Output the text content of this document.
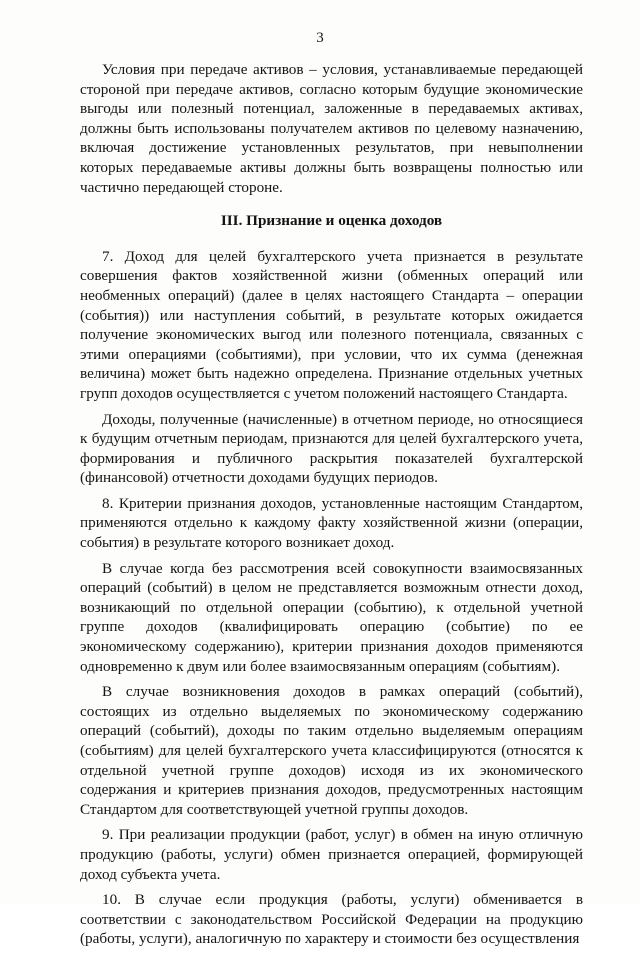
3

Условия при передаче активов – условия, устанавливаемые передающей стороной при передаче активов, согласно которым будущие экономические выгоды или полезный потенциал, заложенные в передаваемых активах, должны быть использованы получателем активов по целевому назначению, включая достижение установленных результатов, при невыполнении которых передаваемые активы должны быть возвращены полностью или частично передающей стороне.

III. Признание и оценка доходов

7. Доход для целей бухгалтерского учета признается в результате совершения фактов хозяйственной жизни (обменных операций или необменных операций) (далее в целях настоящего Стандарта – операции (события)) или наступления событий, в результате которых ожидается получение экономических выгод или полезного потенциала, связанных с этими операциями (событиями), при условии, что их сумма (денежная величина) может быть надежно определена. Признание отдельных учетных групп доходов осуществляется с учетом положений настоящего Стандарта.

Доходы, полученные (начисленные) в отчетном периоде, но относящиеся к будущим отчетным периодам, признаются для целей бухгалтерского учета, формирования и публичного раскрытия показателей бухгалтерской (финансовой) отчетности доходами будущих периодов.

8. Критерии признания доходов, установленные настоящим Стандартом, применяются отдельно к каждому факту хозяйственной жизни (операции, события) в результате которого возникает доход.

В случае когда без рассмотрения всей совокупности взаимосвязанных операций (событий) в целом не представляется возможным отнести доход, возникающий по отдельной операции (событию), к отдельной учетной группе доходов (квалифицировать операцию (событие) по ее экономическому содержанию), критерии признания доходов применяются одновременно к двум или более взаимосвязанным операциям (событиям).

В случае возникновения доходов в рамках операций (событий), состоящих из отдельно выделяемых по экономическому содержанию операций (событий), доходы по таким отдельно выделяемым операциям (событиям) для целей бухгалтерского учета классифицируются (относятся к отдельной учетной группе доходов) исходя из их экономического содержания и критериев признания доходов, предусмотренных настоящим Стандартом для соответствующей учетной группы доходов.

9. При реализации продукции (работ, услуг) в обмен на иную отличную продукцию (работы, услуги) обмен признается операцией, формирующей доход субъекта учета.

10. В случае если продукция (работы, услуги) обменивается в соответствии с законодательством Российской Федерации на продукцию (работы, услуги), аналогичную по характеру и стоимости без осуществления
